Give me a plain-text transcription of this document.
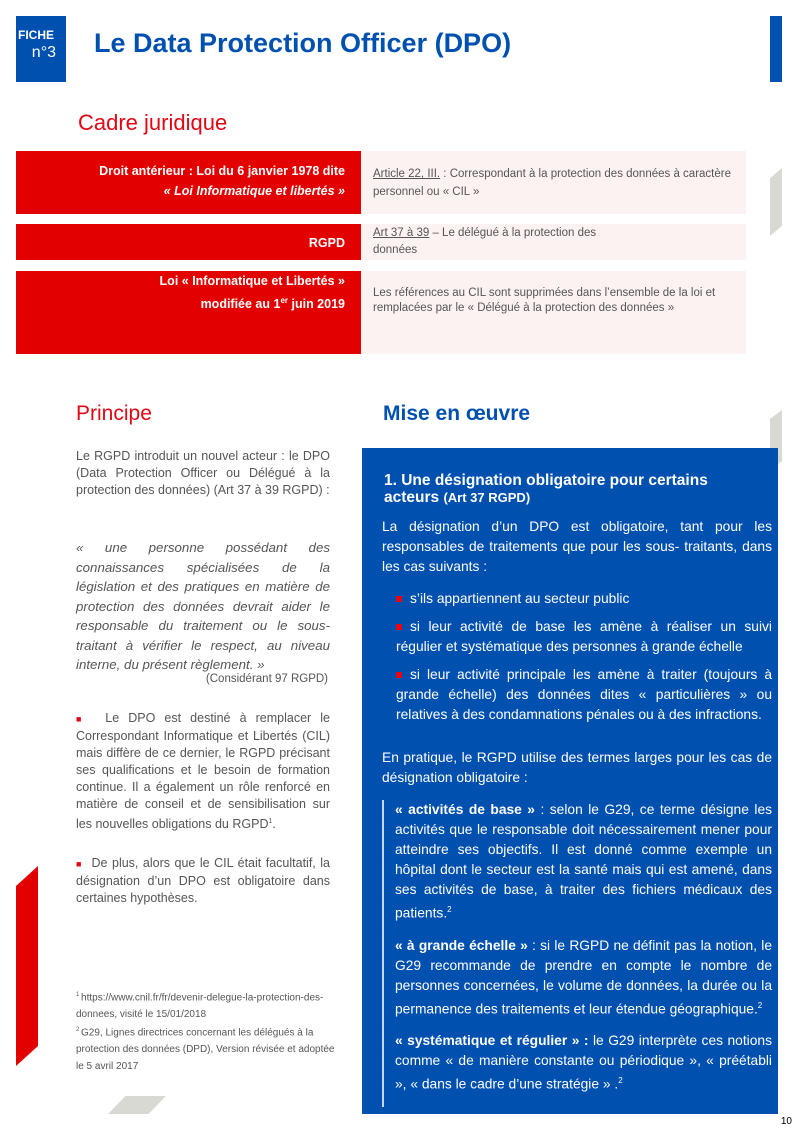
FICHE
n°3 Le Data Protection Officer (DPO)
Cadre juridique
Droit antérieur : Loi du 6 janvier 1978 dite
« Loi Informatique et libertés »
Article 22, III. : Correspondant à la protection des données à caractère personnel ou « CIL »
RGPD
Art 37 à 39 – Le délégué à la protection des données
Loi « Informatique et Libertés »
modifiée au 1er juin 2019
Les références au CIL sont supprimées dans l’ensemble de la loi et remplacées par le « Délégué à la protection des données »
Principe
Le RGPD introduit un nouvel acteur : le DPO (Data Protection Officer ou Délégué à la protection des données) (Art 37 à 39 RGPD) :
« une personne possédant des connaissances spécialisées de la législation et des pratiques en matière de protection des données devrait aider le responsable du traitement ou le sous-traitant à vérifier le respect, au niveau interne, du présent règlement. »
(Considérant 97 RGPD)
■ Le DPO est destiné à remplacer le Correspondant Informatique et Libertés (CIL) mais diffère de ce dernier, le RGPD précisant ses qualifications et le besoin de formation continue. Il a également un rôle renforcé en matière de conseil et de sensibilisation sur les nouvelles obligations du RGPD$^1$.
■ De plus, alors que le CIL était facultatif, la désignation d’un DPO est obligatoire dans certaines hypothèses.
$^1$ https://www.cnil.fr/fr/devenir-delegue-la-protection-des-donnees, visité le 15/01/2018
$^2$ G29, Lignes directrices concernant les délégués à la protection des données (DPD), Version révisée et adoptée le 5 avril 2017
Mise en œuvre
1. Une désignation obligatoire pour certains acteurs (Art 37 RGPD)

La désignation d’un DPO est obligatoire, tant pour les responsables de traitements que pour les sous- traitants, dans les cas suivants :

s’ils appartiennent au secteur public

si leur activité de base les amène à réaliser un suivi régulier et systématique des personnes à grande échelle

si leur activité principale les amène à traiter (toujours à grande échelle) des données dites « particulières » ou relatives à des condamnations pénales ou à des infractions.

En pratique, le RGPD utilise des termes larges pour les cas de désignation obligatoire :

« activités de base » : selon le G29, ce terme désigne les activités que le responsable doit nécessairement mener pour atteindre ses objectifs. Il est donné comme exemple un hôpital dont le secteur est la santé mais qui est amené, dans ses activités de base, à traiter des fichiers médicaux des patients.$^2$

« à grande échelle » : si le RGPD ne définit pas la notion, le G29 recommande de prendre en compte le nombre de personnes concernées, le volume de données, la durée ou la permanence des traitements et leur étendue géographique.$^2$

« systématique et régulier » : le G29 interprète ces notions comme « de manière constante ou périodique », « préétabli », « dans le cadre d’une stratégie » .$^2$

10
